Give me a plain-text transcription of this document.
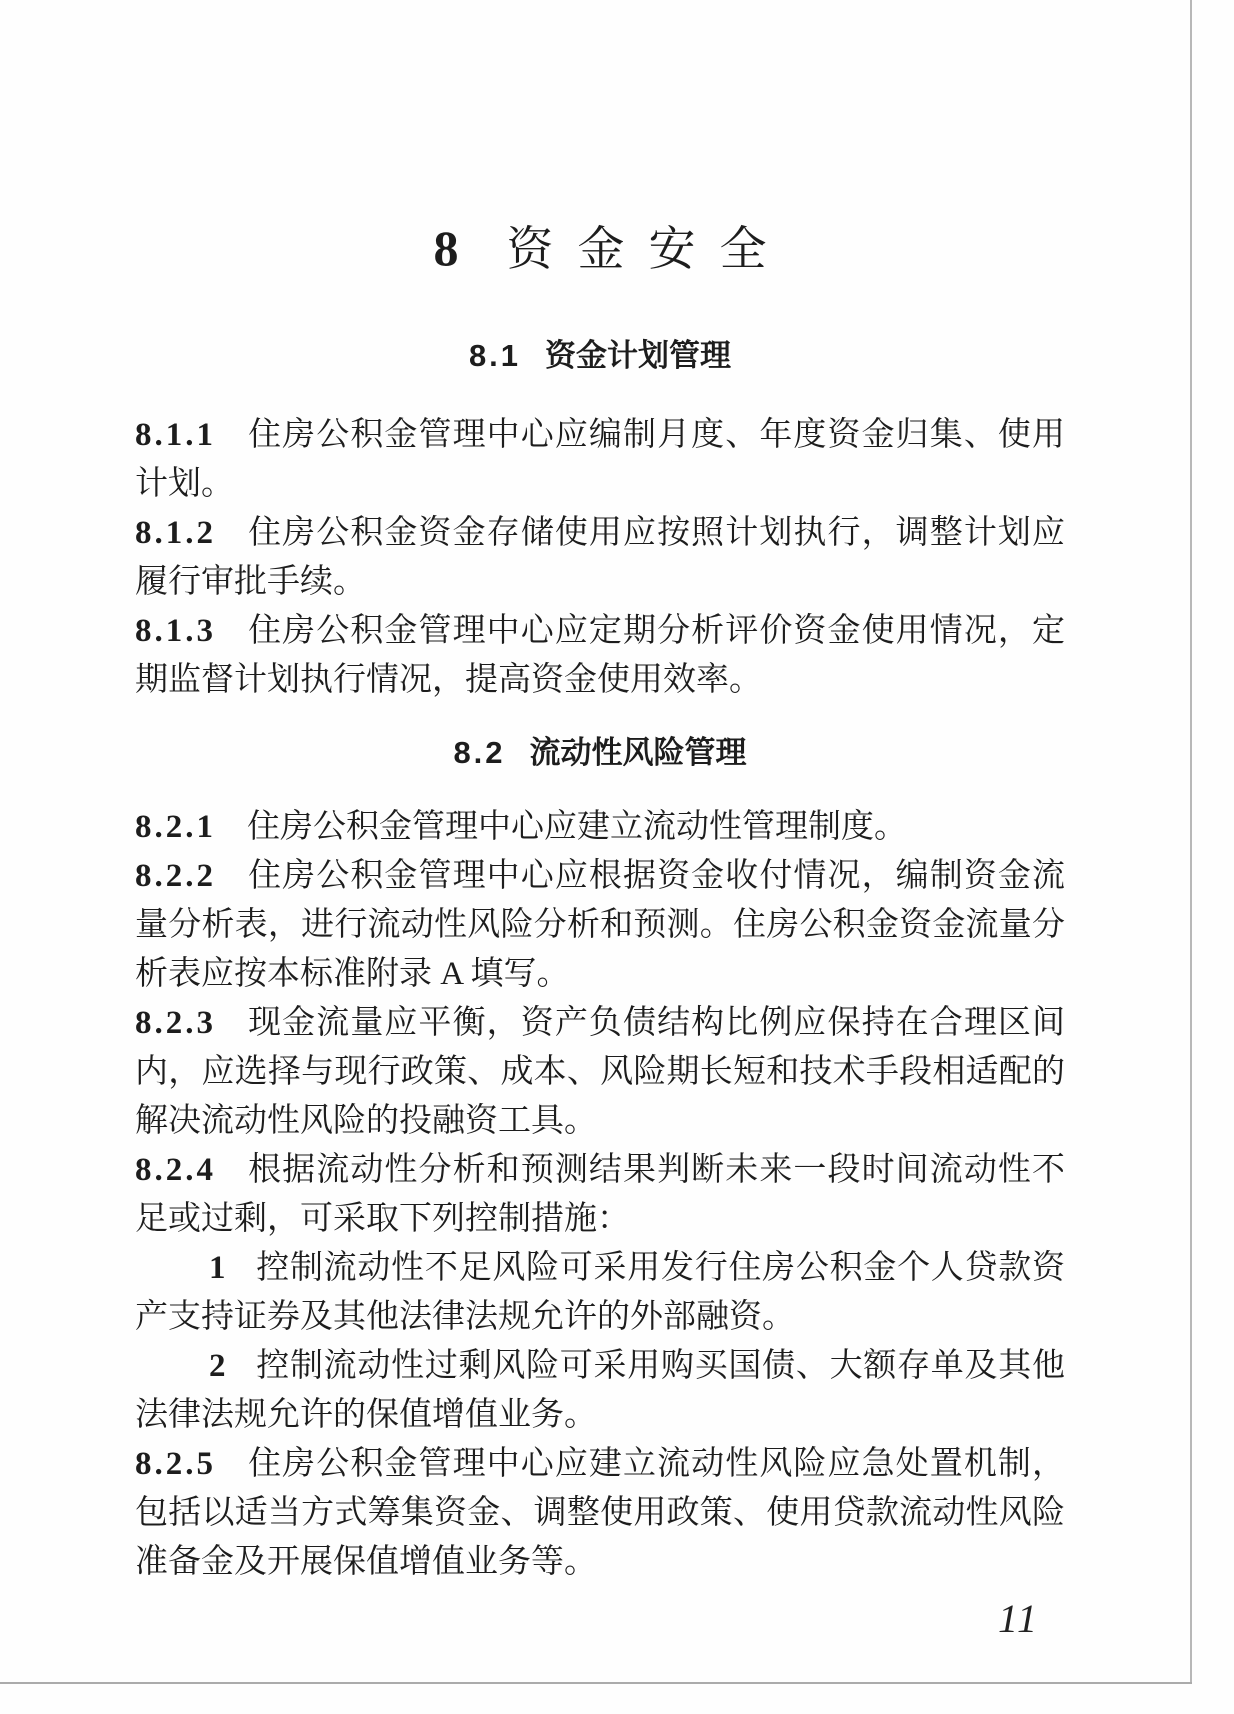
8 资金安全
8.1 资金计划管理

8.1.1 住房公积金管理中心应编制月度、年度资金归集、使用计划。

8.1.2 住房公积金资金存储使用应按照计划执行，调整计划应履行审批手续。

8.1.3 住房公积金管理中心应定期分析评价资金使用情况，定期监督计划执行情况，提高资金使用效率。

8.2 流动性风险管理

8.2.1 住房公积金管理中心应建立流动性管理制度。

8.2.2 住房公积金管理中心应根据资金收付情况，编制资金流量分析表，进行流动性风险分析和预测。住房公积金资金流量分析表应按本标准附录 A 填写。

8.2.3 现金流量应平衡，资产负债结构比例应保持在合理区间内，应选择与现行政策、成本、风险期长短和技术手段相适配的解决流动性风险的投融资工具。

8.2.4 根据流动性分析和预测结果判断未来一段时间流动性不足或过剩，可采取下列控制措施：

1 控制流动性不足风险可采用发行住房公积金个人贷款资产支持证券及其他法律法规允许的外部融资。

2 控制流动性过剩风险可采用购买国债、大额存单及其他法律法规允许的保值增值业务。

8.2.5 住房公积金管理中心应建立流动性风险应急处置机制，包括以适当方式筹集资金、调整使用政策、使用贷款流动性风险准备金及开展保值增值业务等。

11
